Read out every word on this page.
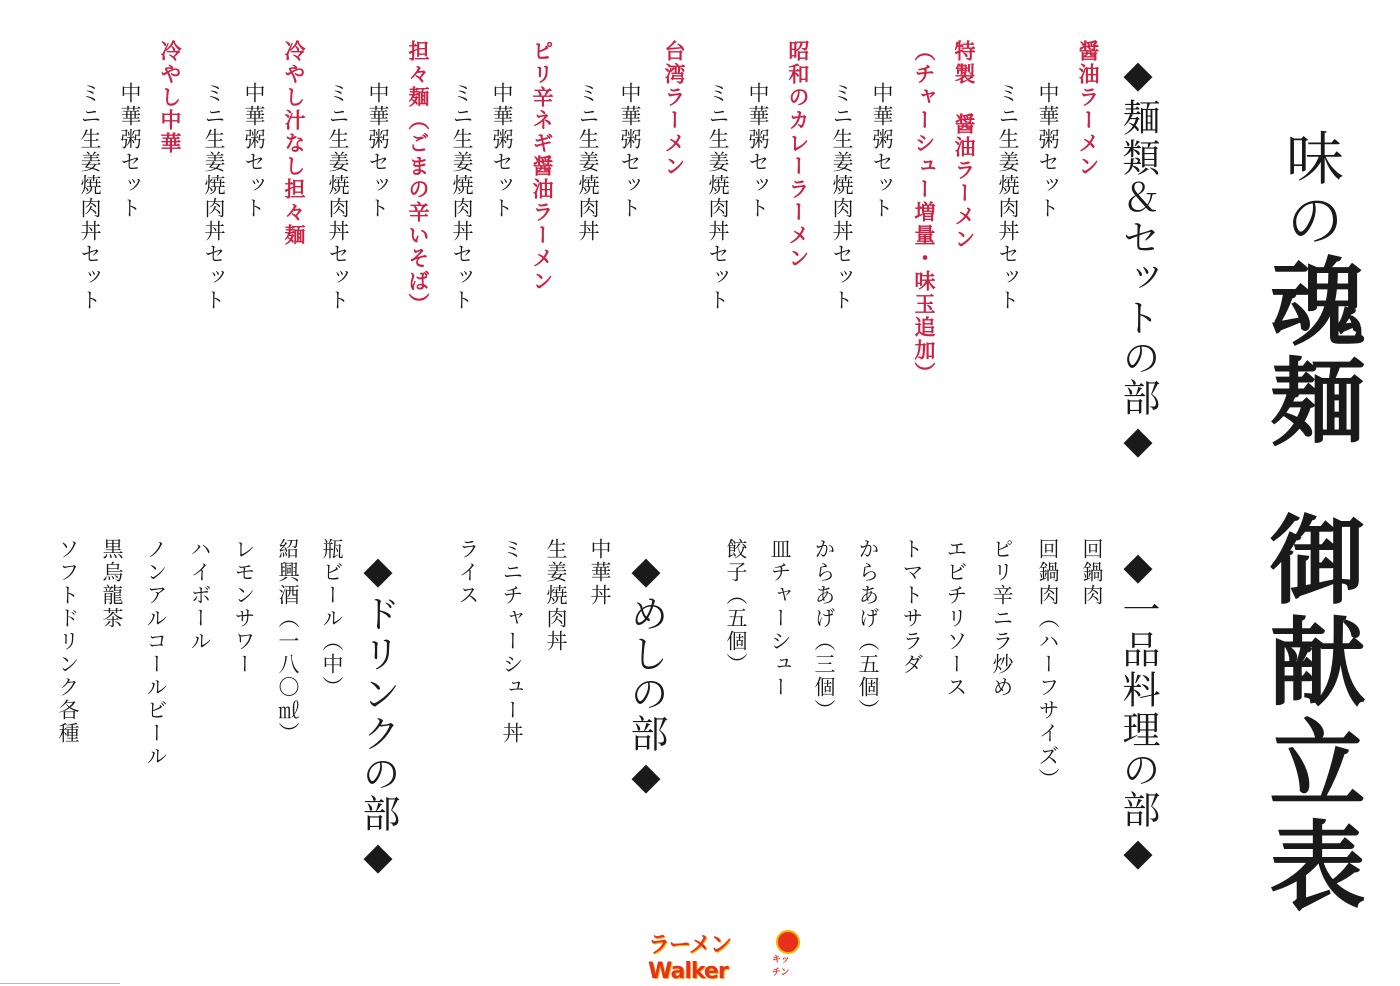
味の魂麺
御献立表
◆麺類＆セットの部◆
醤油ラーメン
中華粥セット
ミニ生姜焼肉丼セット
特製 醤油ラーメン
（チャーシュー増量・味玉追加）
中華粥セット
ミニ生姜焼肉丼セット
昭和のカレーラーメン
中華粥セット
ミニ生姜焼肉丼セット
台湾ラーメン
中華粥セット
ミニ生姜焼肉丼
ピリ辛ネギ醤油ラーメン
中華粥セット
ミニ生姜焼肉丼セット
担々麺（ごまの辛いそば）
中華粥セット
ミニ生姜焼肉丼セット
冷やし汁なし担々麺
中華粥セット
ミニ生姜焼肉丼セット
冷やし中華
中華粥セット
ミニ生姜焼肉丼セット
◆一品料理の部◆
回鍋肉
回鍋肉（ハーフサイズ）
ピリ辛ニラ炒め
エビチリソース
トマトサラダ
からあげ（五個）
からあげ（三個）
皿チャーシュー
餃子（五個）
◆めしの部◆
中華丼
生姜焼肉丼
ミニチャーシュー丼
ライス
◆ドリンクの部◆
瓶ビール（中）
紹興酒（一八〇㎖）
レモンサワー
ハイボール
ノンアルコールビール
黒烏龍茶
ソフトドリンク各種
ラーメンWalker	キッチン
